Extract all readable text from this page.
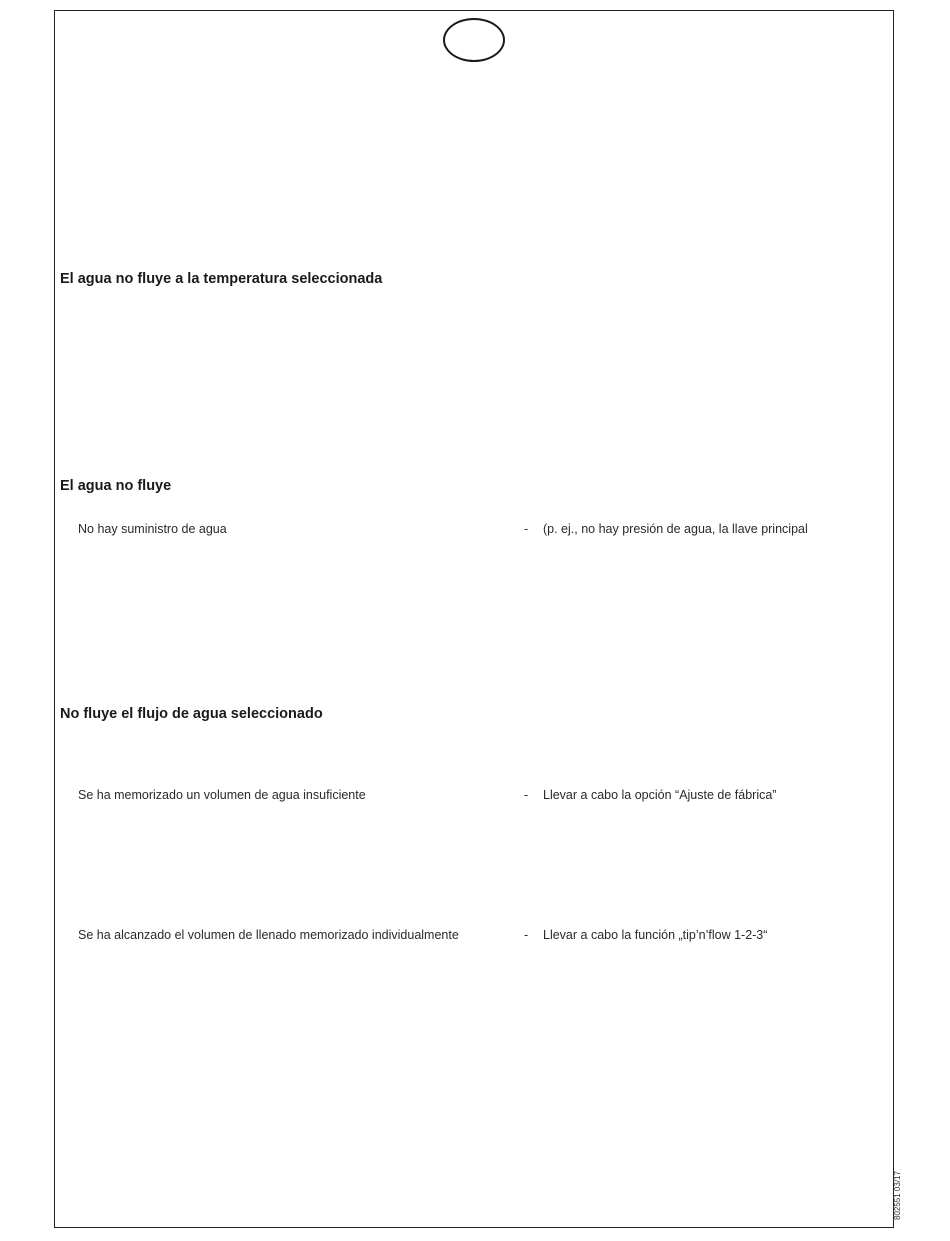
El agua no fluye a la temperatura seleccionada
El agua no fluye
No hay suministro de agua	- (p. ej., no hay presión de agua, la llave principal
No fluye el flujo de agua seleccionado
Se ha memorizado un volumen de agua insuficiente	- Llevar a cabo la opción “Ajuste de fábrica”
Se ha alcanzado el volumen de llenado memorizado individualmente	- Llevar a cabo la función „tip’n’flow 1-2-3“
802551 03/17
